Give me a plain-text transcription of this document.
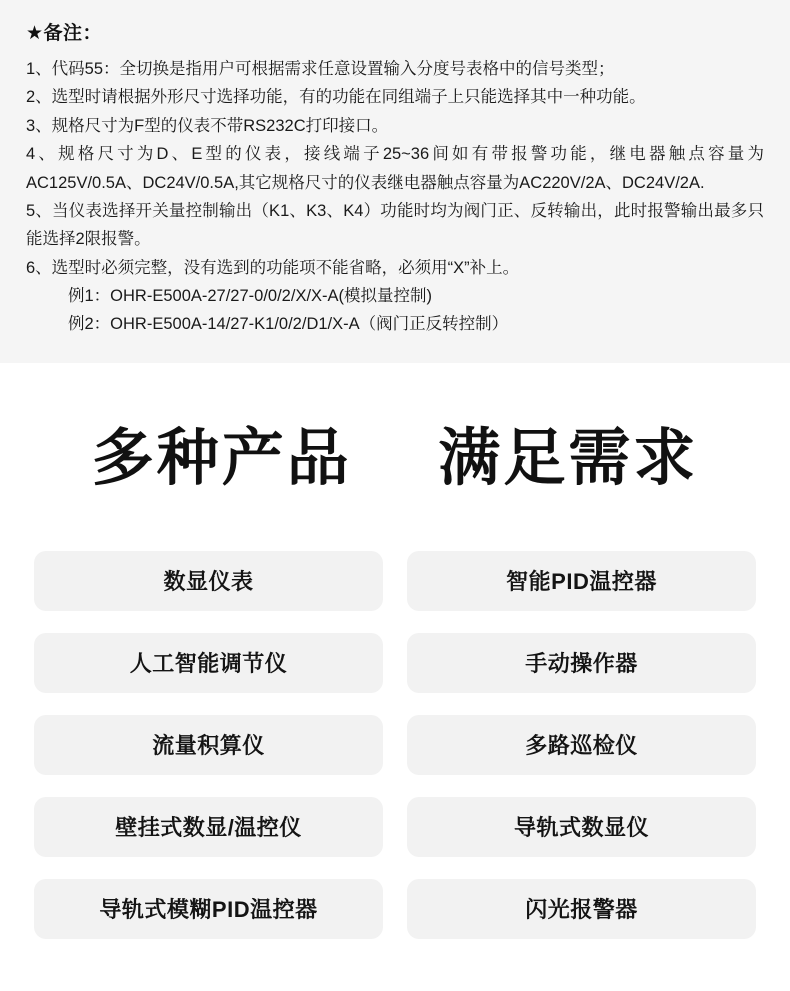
★备注：

1、代码55：全切换是指用户可根据需求任意设置输入分度号表格中的信号类型；

2、选型时请根据外形尺寸选择功能，有的功能在同组端子上只能选择其中一种功能。

3、规格尺寸为F型的仪表不带RS232C打印接口。

4、规格尺寸为D、E型的仪表，接线端子25~36间如有带报警功能，继电器触点容量为AC125V/0.5A、DC24V/0.5A,其它规格尺寸的仪表继电器触点容量为AC220V/2A、DC24V/2A.

5、当仪表选择开关量控制输出（K1、K3、K4）功能时均为阀门正、反转输出，此时报警输出最多只能选择2限报警。

6、选型时必须完整，没有选到的功能项不能省略，必须用“X”补上。

例1：OHR-E500A-27/27-0/0/2/X/X-A(模拟量控制)

例2：OHR-E500A-14/27-K1/0/2/D1/X-A（阀门正反转控制）

多种产品 满足需求
数显仪表	智能PID温控器
人工智能调节仪	手动操作器
流量积算仪	多路巡检仪
壁挂式数显/温控仪	导轨式数显仪
导轨式模糊PID温控器	闪光报警器
